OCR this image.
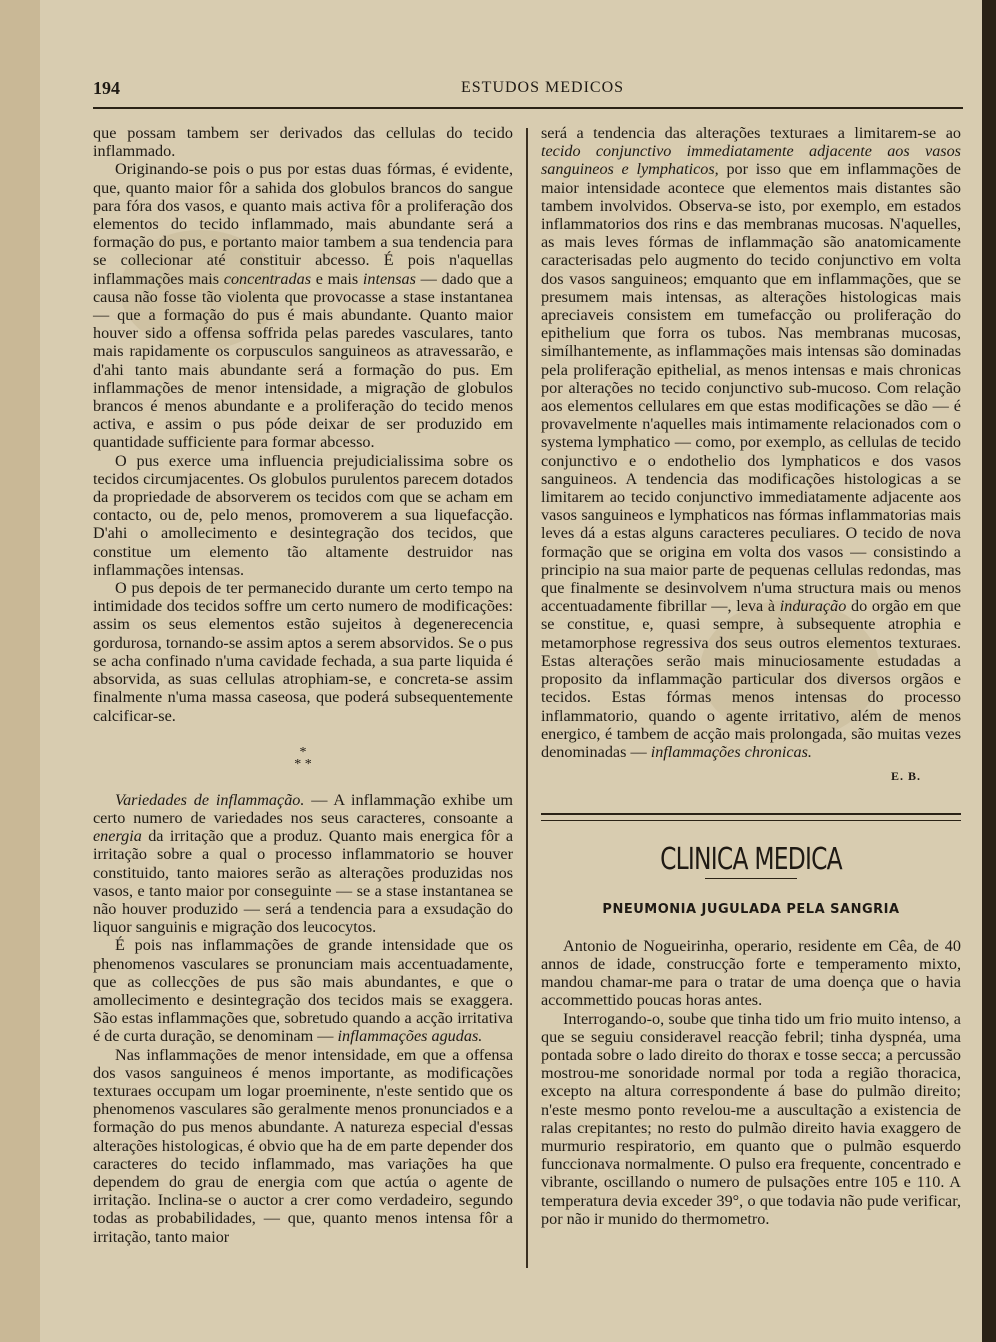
194	ESTUDOS MEDICOS

que possam tambem ser derivados das cellulas do tecido inflammado.

Originando-se pois o pus por estas duas fórmas, é evidente, que, quanto maior fôr a sahida dos globulos brancos do sangue para fóra dos vasos, e quanto mais activa fôr a proliferação dos elementos do tecido inflammado, mais abundante será a formação do pus, e portanto maior tambem a sua tendencia para se collecionar até constituir abcesso. É pois n'aquellas inflammações mais concentradas e mais intensas — dado que a causa não fosse tão violenta que provocasse a stase instantanea — que a formação do pus é mais abundante. Quanto maior houver sido a offensa soffrida pelas paredes vasculares, tanto mais rapidamente os corpusculos sanguineos as atravessarão, e d'ahi tanto mais abundante será a formação do pus. Em inflammações de menor intensidade, a migração de globulos brancos é menos abundante e a proliferação do tecido menos activa, e assim o pus póde deixar de ser produzido em quantidade sufficiente para formar abcesso.

O pus exerce uma influencia prejudicialissima sobre os tecidos circumjacentes. Os globulos purulentos parecem dotados da propriedade de absorverem os tecidos com que se acham em contacto, ou de, pelo menos, promoverem a sua liquefacção. D'ahi o amollecimento e desintegração dos tecidos, que constitue um elemento tão altamente destruidor nas inflammações intensas.

O pus depois de ter permanecido durante um certo tempo na intimidade dos tecidos soffre um certo numero de modificações: assim os seus elementos estão sujeitos à degenerecencia gordurosa, tornando-se assim aptos a serem absorvidos. Se o pus se acha confinado n'uma cavidade fechada, a sua parte liquida é absorvida, as suas cellulas atrophiam-se, e concreta-se assim finalmente n'uma massa caseosa, que poderá subsequentemente calcificar-se.

*
* *

Variedades de inflammação. — A inflammação exhibe um certo numero de variedades nos seus caracteres, consoante a energia da irritação que a produz. Quanto mais energica fôr a irritação sobre a qual o processo inflammatorio se houver constituido, tanto maiores serão as alterações produzidas nos vasos, e tanto maior por conseguinte — se a stase instantanea se não houver produzido — será a tendencia para a exsudação do liquor sanguinis e migração dos leucocytos.

É pois nas inflammações de grande intensidade que os phenomenos vasculares se pronunciam mais accentuadamente, que as collecções de pus são mais abundantes, e que o amollecimento e desintegração dos tecidos mais se exaggera. São estas inflammações que, sobretudo quando a acção irritativa é de curta duração, se denominam — inflammações agudas.

Nas inflammações de menor intensidade, em que a offensa dos vasos sanguineos é menos importante, as modificações texturaes occupam um logar proeminente, n'este sentido que os phenomenos vasculares são geralmente menos pronunciados e a formação do pus menos abundante. A natureza especial d'essas alterações histologicas, é obvio que ha de em parte depender dos caracteres do tecido inflammado, mas variações ha que dependem do grau de energia com que actúa o agente de irritação. Inclina-se o auctor a crer como verdadeiro, segundo todas as probabilidades, — que, quanto menos intensa fôr a irritação, tanto maior

será a tendencia das alterações texturaes a limitarem-se ao tecido conjunctivo immediatamente adjacente aos vasos sanguineos e lymphaticos, por isso que em inflammações de maior intensidade acontece que elementos mais distantes são tambem involvidos. Observa-se isto, por exemplo, em estados inflammatorios dos rins e das membranas mucosas. N'aquelles, as mais leves fórmas de inflammação são anatomicamente caracterisadas pelo augmento do tecido conjunctivo em volta dos vasos sanguineos; emquanto que em inflammações, que se presumem mais intensas, as alterações histologicas mais apreciaveis consistem em tumefacção ou proliferação do epithelium que forra os tubos. Nas membranas mucosas, simílhantemente, as inflammações mais intensas são dominadas pela proliferação epithelial, as menos intensas e mais chronicas por alterações no tecido conjunctivo sub-mucoso. Com relação aos elementos cellulares em que estas modificações se dão — é provavelmente n'aquelles mais intimamente relacionados com o systema lymphatico — como, por exemplo, as cellulas de tecido conjunctivo e o endothelio dos lymphaticos e dos vasos sanguineos. A tendencia das modificações histologicas a se limitarem ao tecido conjunctivo immediatamente adjacente aos vasos sanguineos e lymphaticos nas fórmas inflammatorias mais leves dá a estas alguns caracteres peculiares. O tecido de nova formação que se origina em volta dos vasos — consistindo a principio na sua maior parte de pequenas cellulas redondas, mas que finalmente se desinvolvem n'uma structura mais ou menos accentuadamente fibrillar —, leva à induração do orgão em que se constitue, e, quasi sempre, à subsequente atrophia e metamorphose regressiva dos seus outros elementos texturaes. Estas alterações serão mais minuciosamente estudadas a proposito da inflammação particular dos diversos orgãos e tecidos. Estas fórmas menos intensas do processo inflammatorio, quando o agente irritativo, além de menos energico, é tambem de acção mais prolongada, são muitas vezes denominadas — inflammações chronicas.

E. B.
CLINICA MEDICA
PNEUMONIA JUGULADA PELA SANGRIA

Antonio de Nogueirinha, operario, residente em Cêa, de 40 annos de idade, construcção forte e temperamento mixto, mandou chamar-me para o tratar de uma doença que o havia accommettido poucas horas antes.

Interrogando-o, soube que tinha tido um frio muito intenso, a que se seguiu consideravel reacção febril; tinha dyspnéa, uma pontada sobre o lado direito do thorax e tosse secca; a percussão mostrou-me sonoridade normal por toda a região thoracica, excepto na altura correspondente á base do pulmão direito; n'este mesmo ponto revelou-me a auscultação a existencia de ralas crepitantes; no resto do pulmão direito havia exaggero de murmurio respiratorio, em quanto que o pulmão esquerdo funccionava normalmente. O pulso era frequente, concentrado e vibrante, oscillando o numero de pulsações entre 105 e 110. A temperatura devia exceder 39°, o que todavia não pude verificar, por não ir munido do thermometro.
